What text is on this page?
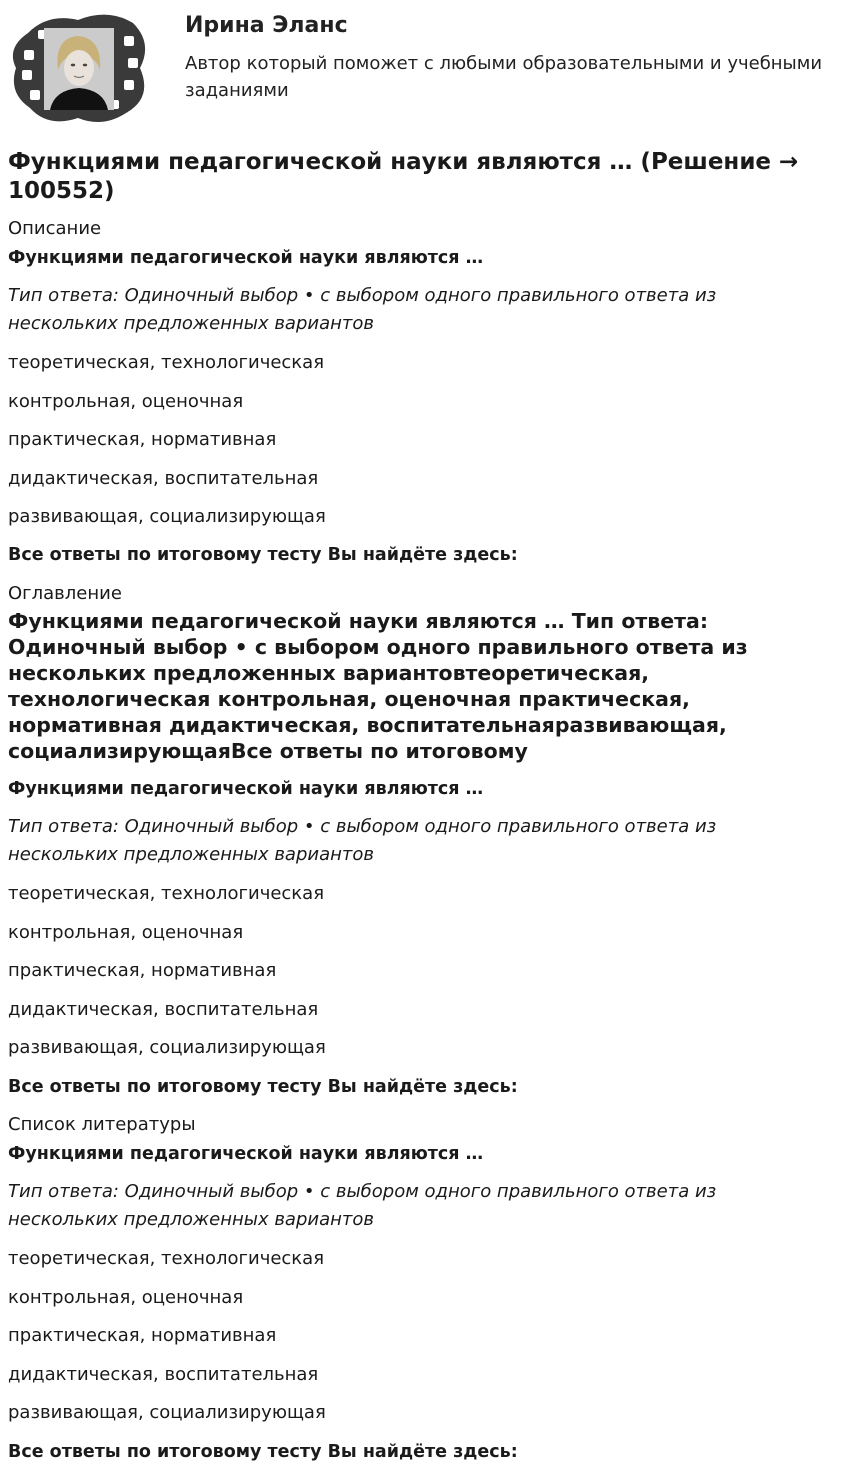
Ирина Эланс
Автор который поможет с любыми образовательными и учебными заданиями
Функциями педагогической науки являются … (Решение → 100552)
Описание
Функциями педагогической науки являются …
Тип ответа: Одиночный выбор • с выбором одного правильного ответа из нескольких предложенных вариантов
теоретическая, технологическая
контрольная, оценочная
практическая, нормативная
дидактическая, воспитательная
развивающая, социализирующая
Все ответы по итоговому тесту Вы найдёте здесь:
Оглавление
Функциями педагогической науки являются … Тип ответа: Одиночный выбор • с выбором одного правильного ответа из нескольких предложенных вариантовтеоретическая, технологическая контрольная, оценочная практическая, нормативная дидактическая, воспитательнаяразвивающая, социализирующаяВсе ответы по итоговому
Функциями педагогической науки являются …
Тип ответа: Одиночный выбор • с выбором одного правильного ответа из нескольких предложенных вариантов
теоретическая, технологическая
контрольная, оценочная
практическая, нормативная
дидактическая, воспитательная
развивающая, социализирующая
Все ответы по итоговому тесту Вы найдёте здесь:
Список литературы
Функциями педагогической науки являются …
Тип ответа: Одиночный выбор • с выбором одного правильного ответа из нескольких предложенных вариантов
теоретическая, технологическая
контрольная, оценочная
практическая, нормативная
дидактическая, воспитательная
развивающая, социализирующая
Все ответы по итоговому тесту Вы найдёте здесь:
